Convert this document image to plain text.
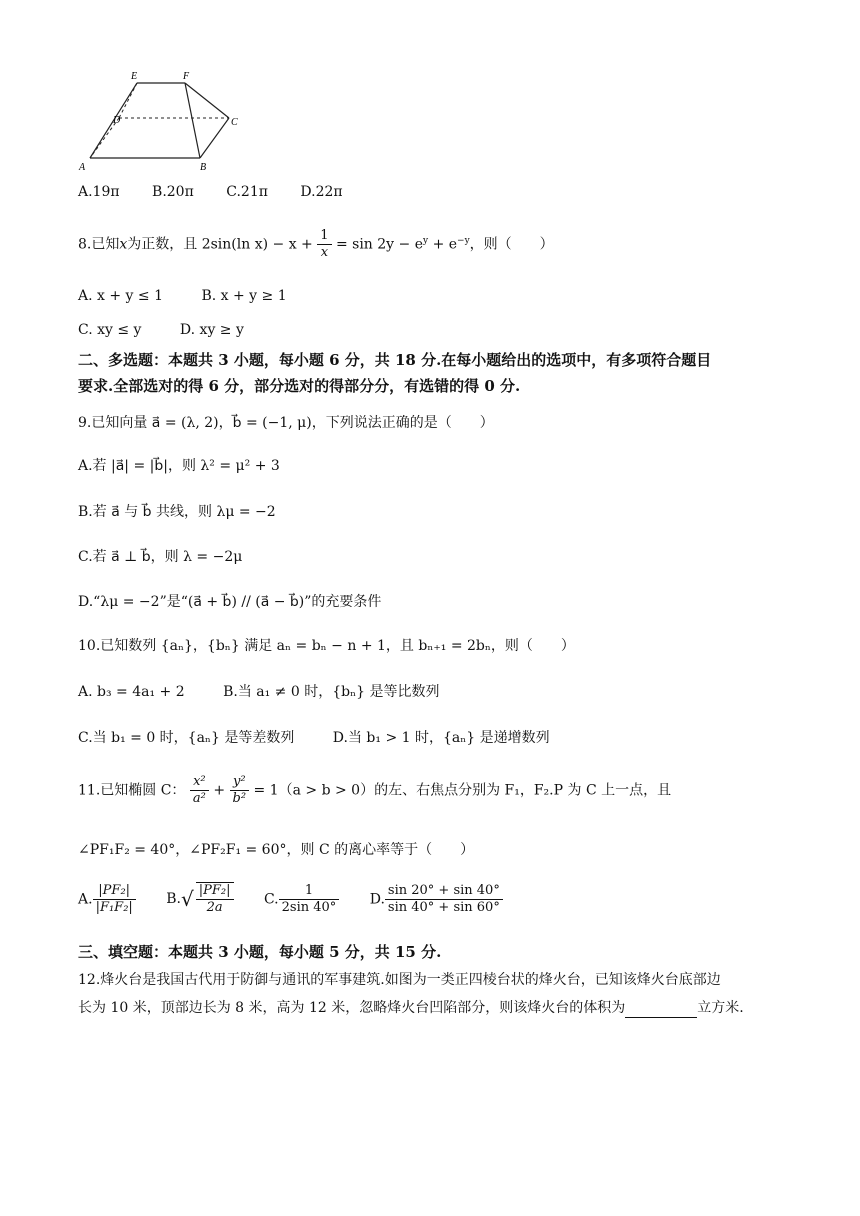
E	F
D	C
A	B
A.19π B.20π C.21π D.22π
8.已知x为正数，且 2sin(ln $x) - x + \frac{1}{x} = \sin 2y - e^y + e^{-y}$，则（　　）
A. x + y ≤ 1	B. x + y ≥ 1
C. xy ≤ y	D. xy ≥ y
二、多选题：本题共 3 小题，每小题 6 分，共 18 分.在每小题给出的选项中，有多项符合题目
要求.全部选对的得 6 分，部分选对的得部分分，有选错的得 0 分.
9.已知向量 a⃗ = (λ, 2)，b⃗ = (−1, μ)，下列说法正确的是（　　）
A.若 |a⃗| = |b⃗|，则 λ² = μ² + 3
B.若 a⃗ 与 b⃗ 共线，则 λμ = −2
C.若 a⃗ ⊥ b⃗，则 λ = −2μ
D.“λμ = −2”是“(a⃗ + b⃗) // (a⃗ − b⃗)”的充要条件
10.已知数列 {aₙ}，{bₙ} 满足 aₙ = bₙ − n + 1，且 bₙ₊₁ = 2bₙ，则（　　）
A. b₃ = 4a₁ + 2	B.当 a₁ ≠ 0 时，{bₙ} 是等比数列
C.当 b₁ = 0 时，{aₙ} 是等差数列	D.当 b₁ > 1 时，{aₙ} 是递增数列
11.已知椭圆 C： $\frac{\text{x²}}{\text{a²}} + \frac{\text{y²}}{\text{b²}} = 1(a > b > 0)$的左、右焦点分别为 F₁，F₂.P 为 C 上一点，且
∠PF₁F₂ = 40°，∠PF₂F₁ = 60°，则 C 的离心率等于（　　）
A. $\frac{\text{|PF₂|}}{\text{|F₁F₂|}} B.√ \frac{\text{|PF₂|}}{2a} C$. $\frac{1}{2\sin 40^\circ} D$. $\frac{\sin 20^\circ + \sin 40^\circ}{\sin 40^\circ + \sin 60^\circ}$
三、填空题：本题共 3 小题，每小题 5 分，共 15 分.
12.烽火台是我国古代用于防御与通讯的军事建筑.如图为一类正四棱台状的烽火台，已知该烽火台底部边
长为 10 米，顶部边长为 8 米，高为 12 米，忽略烽火台凹陷部分，则该烽火台的体积为	立方米.
